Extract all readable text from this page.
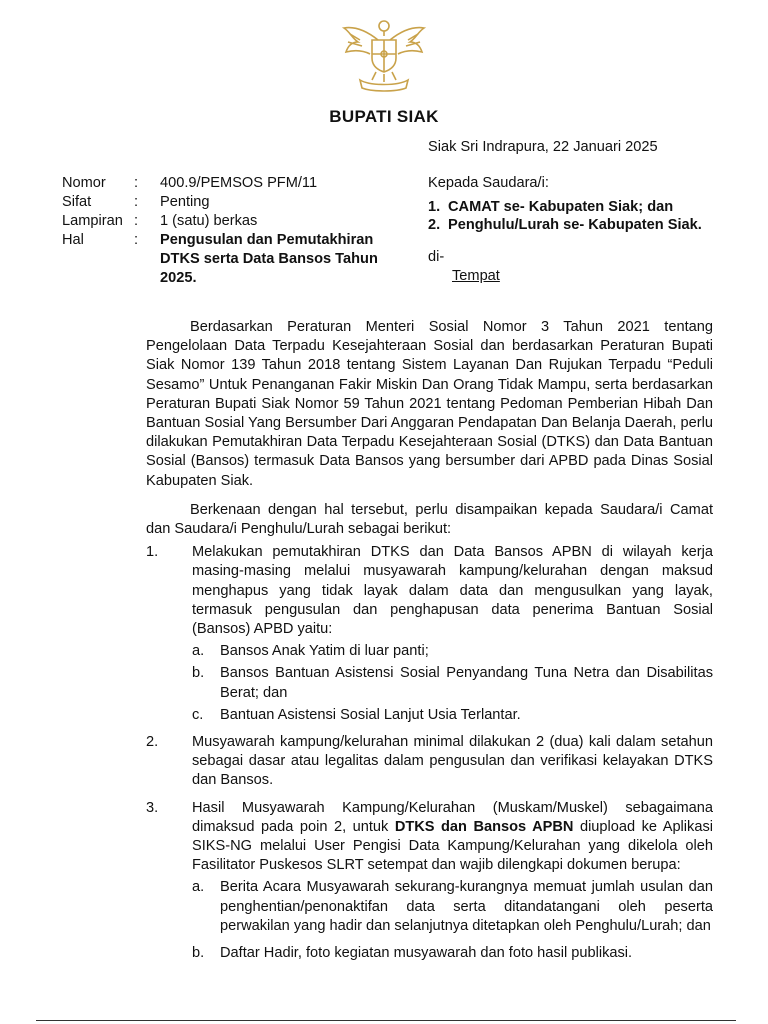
BUPATI SIAK
Siak Sri Indrapura, 22 Januari 2025
Nomor	:	400.9/PEMSOS PFM/11
Sifat	:	Penting
Lampiran :	1 (satu) berkas
Hal	:	Pengusulan dan Pemutakhiran DTKS serta Data Bansos Tahun 2025.
Kepada Saudara/i:
1. CAMAT se- Kabupaten Siak; dan
2. Penghulu/Lurah se- Kabupaten Siak.
di-
Tempat

Berdasarkan Peraturan Menteri Sosial Nomor 3 Tahun 2021 tentang Pengelolaan Data Terpadu Kesejahteraan Sosial dan berdasarkan Peraturan Bupati Siak Nomor 139 Tahun 2018 tentang Sistem Layanan Dan Rujukan Terpadu “Peduli Sesamo” Untuk Penanganan Fakir Miskin Dan Orang Tidak Mampu, serta berdasarkan Peraturan Bupati Siak Nomor 59 Tahun 2021 tentang Pedoman Pemberian Hibah Dan Bantuan Sosial Yang Bersumber Dari Anggaran Pendapatan Dan Belanja Daerah, perlu dilakukan Pemutakhiran Data Terpadu Kesejahteraan Sosial (DTKS) dan Data Bantuan Sosial (Bansos) termasuk Data Bansos yang bersumber dari APBD pada Dinas Sosial Kabupaten Siak.

Berkenaan dengan hal tersebut, perlu disampaikan kepada Saudara/i Camat dan Saudara/i Penghulu/Lurah sebagai berikut:

1.	Melakukan pemutakhiran DTKS dan Data Bansos APBN di wilayah kerja masing-masing melalui musyawarah kampung/kelurahan dengan maksud menghapus yang tidak layak dalam data dan mengusulkan yang layak, termasuk pengusulan dan penghapusan data penerima Bantuan Sosial (Bansos) APBD yaitu:
a.	Bansos Anak Yatim di luar panti;
b.	Bansos Bantuan Asistensi Sosial Penyandang Tuna Netra dan Disabilitas Berat; dan
c.	Bantuan Asistensi Sosial Lanjut Usia Terlantar.
2.	Musyawarah kampung/kelurahan minimal dilakukan 2 (dua) kali dalam setahun sebagai dasar atau legalitas dalam pengusulan dan verifikasi kelayakan DTKS dan Bansos.
3.	Hasil Musyawarah Kampung/Kelurahan (Muskam/Muskel) sebagaimana dimaksud pada poin 2, untuk DTKS dan Bansos APBN diupload ke Aplikasi SIKS-NG melalui User Pengisi Data Kampung/Kelurahan yang dikelola oleh Fasilitator Puskesos SLRT setempat dan wajib dilengkapi dokumen berupa:
a.	Berita Acara Musyawarah sekurang-kurangnya memuat jumlah usulan dan penghentian/penonaktifan data serta ditandatangani oleh peserta perwakilan yang hadir dan selanjutnya ditetapkan oleh Penghulu/Lurah; dan
b.	Daftar Hadir, foto kegiatan musyawarah dan foto hasil publikasi.
